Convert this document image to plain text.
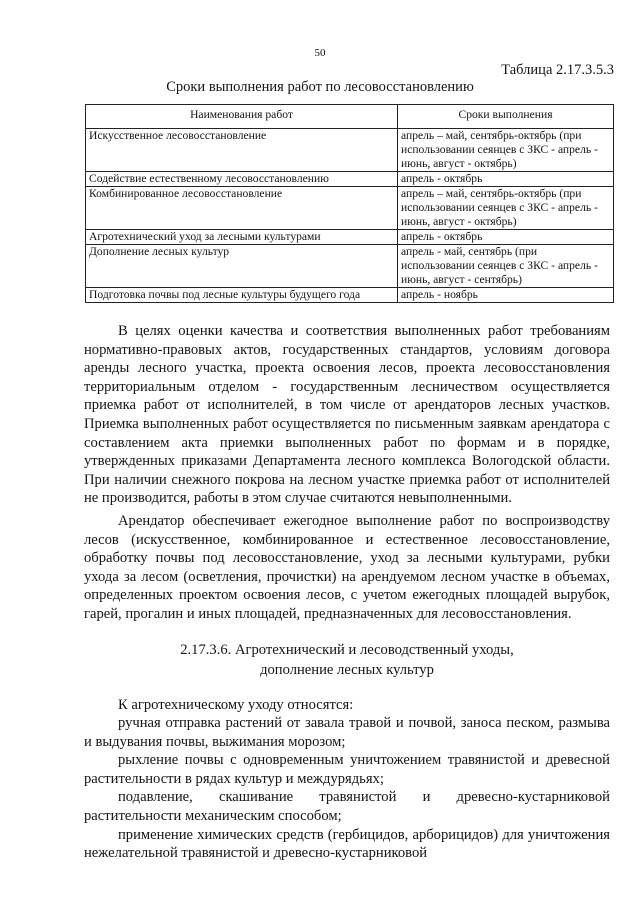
50
Таблица 2.17.3.5.3
Сроки выполнения работ по лесовосстановлению
Наименования работ	Сроки выполнения
Искусственное лесовосстановление	апрель – май, сентябрь-октябрь (при использовании сеянцев с ЗКС - апрель - июнь, август - октябрь)
Содействие естественному лесовосстановлению	апрель - октябрь
Комбинированное лесовосстановление	апрель – май, сентябрь-октябрь (при использовании сеянцев с ЗКС - апрель - июнь, август - октябрь)
Агротехнический уход за лесными культурами	апрель - октябрь
Дополнение лесных культур	апрель - май, сентябрь (при использовании сеянцев с ЗКС - апрель - июнь, август - сентябрь)
Подготовка почвы под лесные культуры будущего года	апрель - ноябрь

В целях оценки качества и соответствия выполненных работ требованиям нормативно-правовых актов, государственных стандартов, условиям договора аренды лесного участка, проекта освоения лесов, проекта лесовосстановления территориальным отделом - государственным лесничеством осуществляется приемка работ от исполнителей, в том числе от арендаторов лесных участков. Приемка выполненных работ осуществляется по письменным заявкам арендатора с составлением акта приемки выполненных работ по формам и в порядке, утвержденных приказами Департамента лесного комплекса Вологодской области. При наличии снежного покрова на лесном участке приемка работ от исполнителей не производится, работы в этом случае считаются невыполненными.

Арендатор обеспечивает ежегодное выполнение работ по воспроизводству лесов (искусственное, комбинированное и естественное лесовосстановление, обработку почвы под лесовосстановление, уход за лесными культурами, рубки ухода за лесом (осветления, прочистки) на арендуемом лесном участке в объемах, определенных проектом освоения лесов, с учетом ежегодных площадей вырубок, гарей, прогалин и иных площадей, предназначенных для лесовосстановления.

2.17.3.6. Агротехнический и лесоводственный уходы,
дополнение лесных культур

К агротехническому уходу относятся:

ручная отправка растений от завала травой и почвой, заноса песком, размыва и выдувания почвы, выжимания морозом;

рыхление почвы с одновременным уничтожением травянистой и древесной растительности в рядах культур и междурядьях;

подавление, скашивание травянистой и древесно-кустарниковой растительности механическим способом;

применение химических средств (гербицидов, арборицидов) для уничтожения нежелательной травянистой и древесно-кустарниковой
